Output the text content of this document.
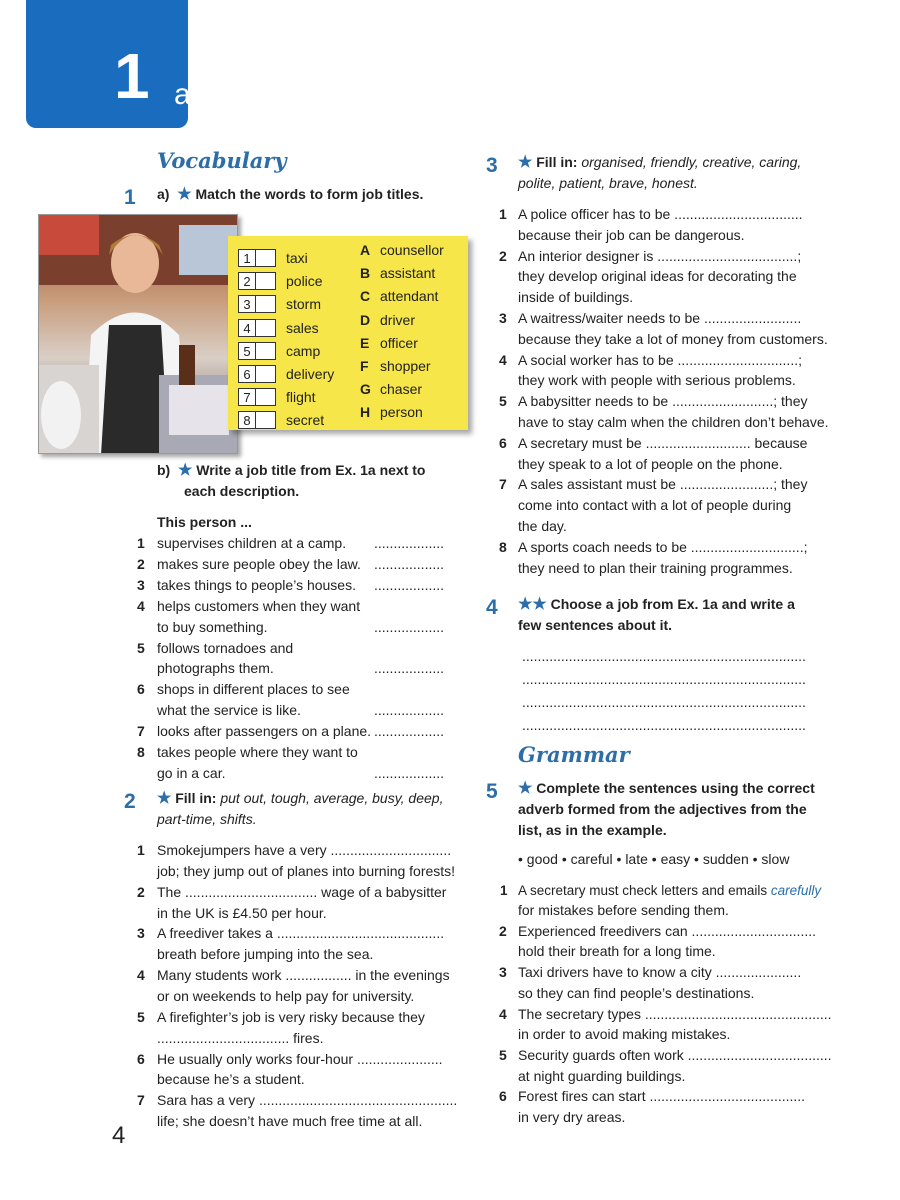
1 a
Vocabulary
1 a) ★ Match the words to form job titles.
1	taxi	A counsellor
2	police	B assistant
3	storm	C attendant
4	sales	D driver
5	camp	E officer
6	delivery F shopper
7	flight	G chaser
8	secret	H person
b) ★ Write a job title from Ex. 1a next to
each description.
This person ...
1 supervises children at a camp. ..................
2 makes sure people obey the law. ..................
3 takes things to people’s houses. ..................
4 helps customers when they want
to buy something.	..................
5 follows tornadoes and
photographs them.	..................
6 shops in different places to see
what the service is like.	..................
7 looks after passengers on a plane. ..................
8 takes people where they want to
go in a car.	..................
2 ★ Fill in: put out, tough, average, busy, deep,
part-time, shifts.
1 Smokejumpers have a very ...............................
job; they jump out of planes into burning forests!
2 The .................................. wage of a babysitter
in the UK is £4.50 per hour.
3 A freediver takes a ...........................................
breath before jumping into the sea.
4 Many students work ................. in the evenings
or on weekends to help pay for university.
5 A firefighter’s job is very risky because they
.................................. fires.
6 He usually only works four-hour ......................
because he’s a student.
7 Sara has a very ...................................................
life; she doesn’t have much free time at all.
3 ★ Fill in: organised, friendly, creative, caring,
polite, patient, brave, honest.
1 A police officer has to be .................................
because their job can be dangerous.
2 An interior designer is ....................................;
they develop original ideas for decorating the
inside of buildings.
3 A waitress/waiter needs to be .........................
because they take a lot of money from customers.
4 A social worker has to be ...............................;
they work with people with serious problems.
5 A babysitter needs to be ..........................; they
have to stay calm when the children don’t behave.
6 A secretary must be ........................... because
they speak to a lot of people on the phone.
7 A sales assistant must be ........................; they
come into contact with a lot of people during
the day.
8 A sports coach needs to be .............................;
they need to plan their training programmes.
4 ★★ Choose a job from Ex. 1a and write a
few sentences about it.
.........................................................................
.........................................................................
.........................................................................
.........................................................................
Grammar
5 ★ Complete the sentences using the correct
adverb formed from the adjectives from the
list, as in the example.
• good • careful • late • easy • sudden • slow
1 A secretary must check letters and emails carefully
for mistakes before sending them.
2 Experienced freedivers can ................................
hold their breath for a long time.
3 Taxi drivers have to know a city ......................
so they can find people’s destinations.
4 The secretary types ................................................
in order to avoid making mistakes.
5 Security guards often work .....................................
at night guarding buildings.
6 Forest fires can start ........................................
in very dry areas.
4
